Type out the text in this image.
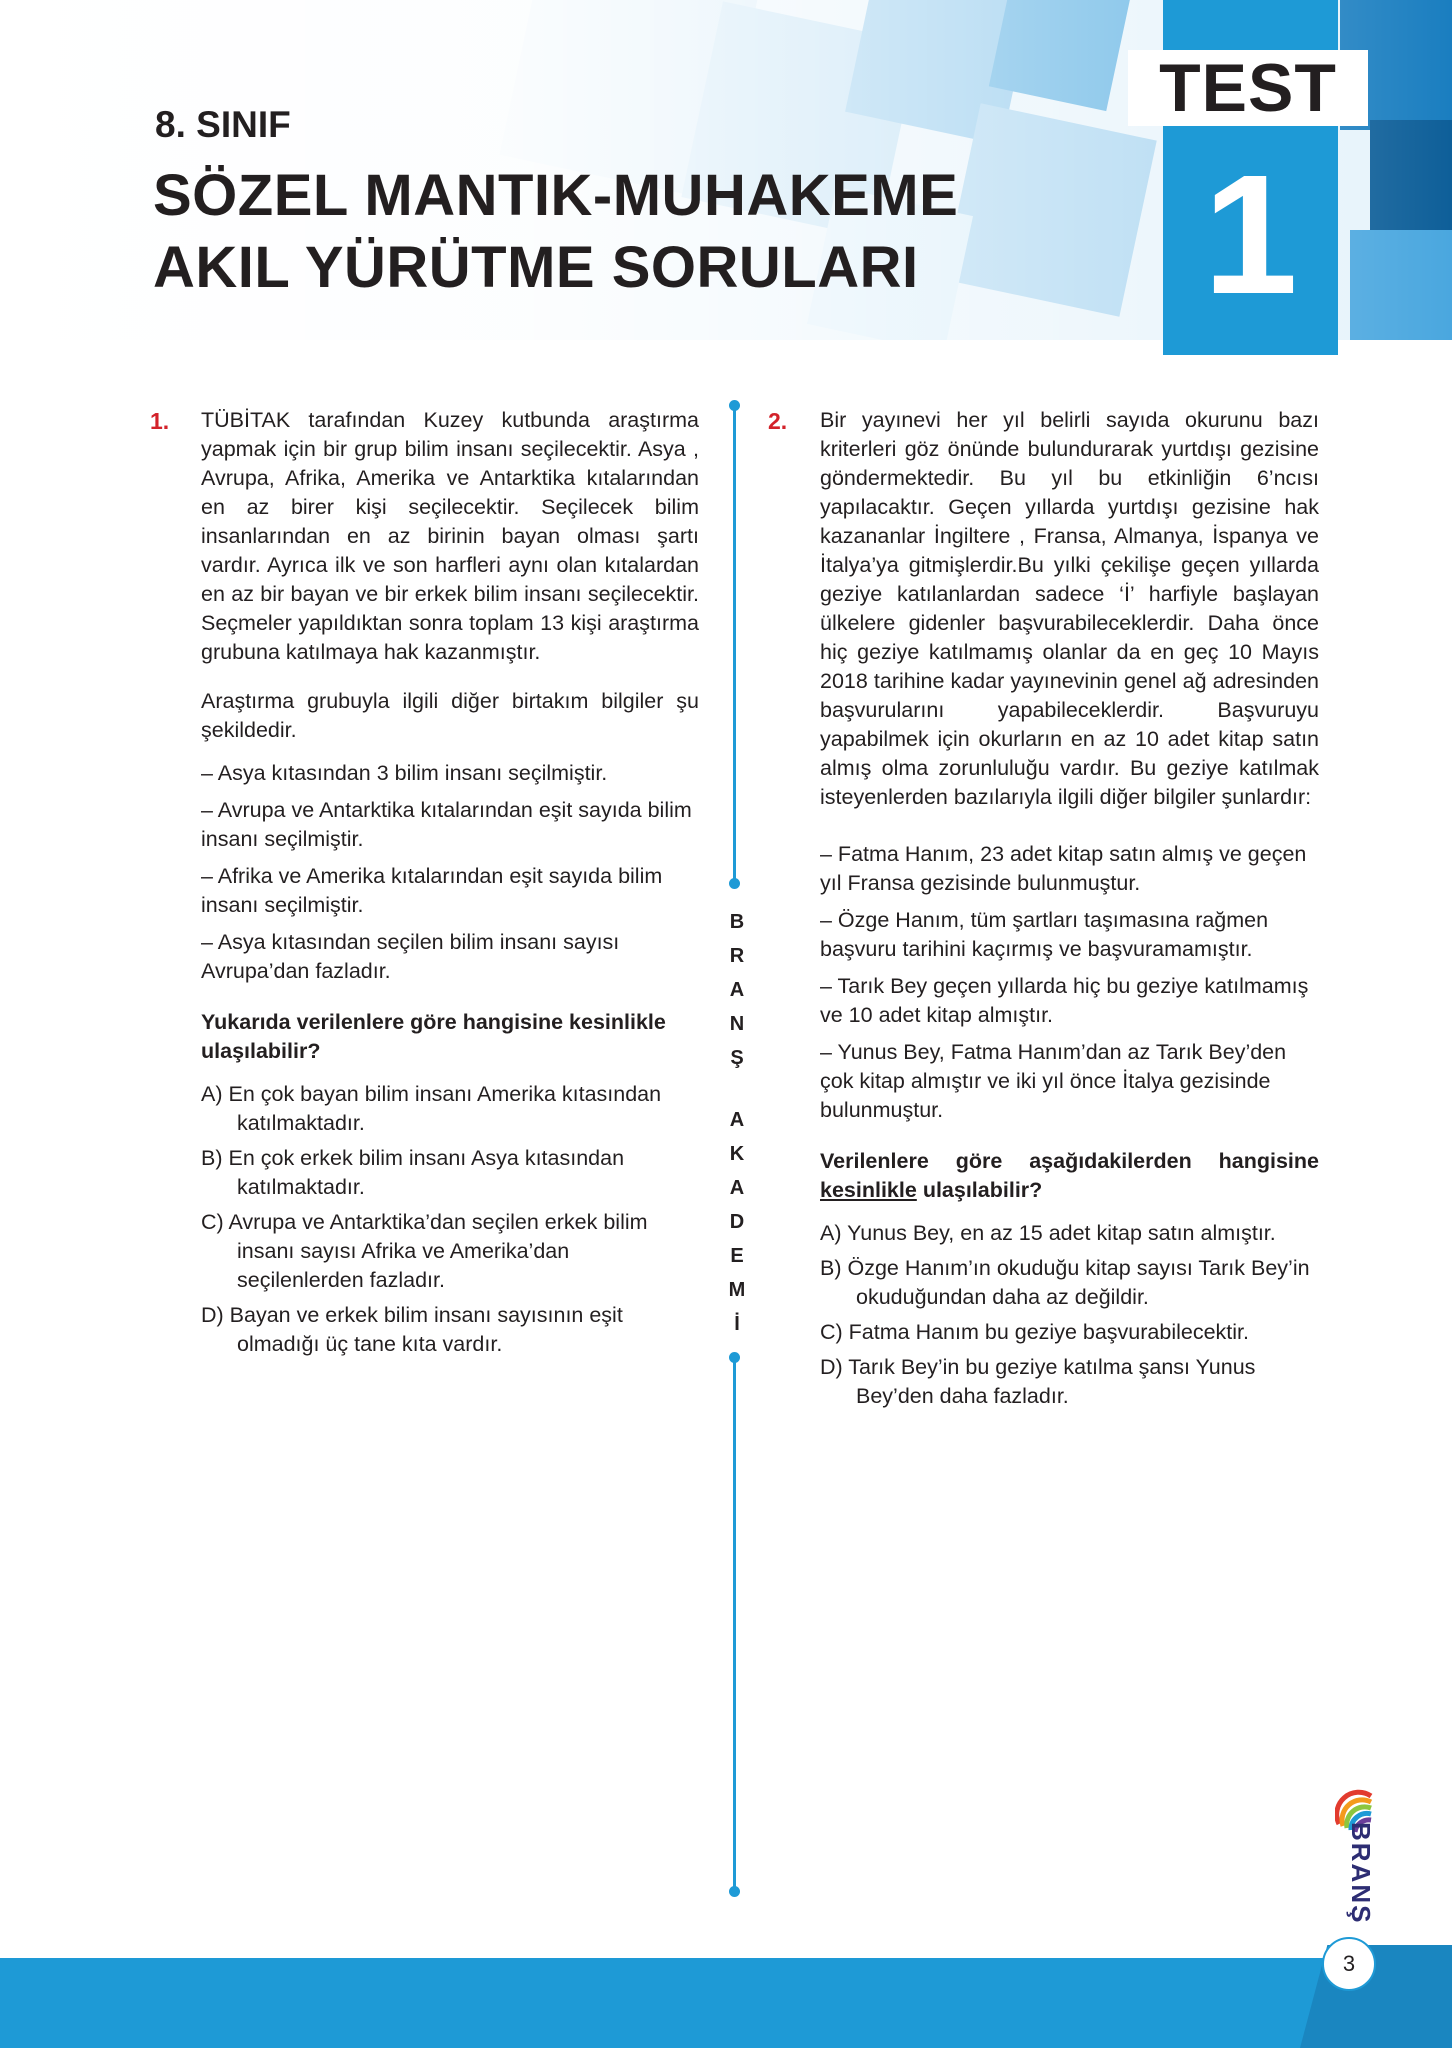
TEST
1
8. SINIF
SÖZEL MANTIK-MUHAKEME
AKIL YÜRÜTME SORULARI
1. TÜBİTAK tarafından Kuzey kutbunda araştırma yapmak için bir grup bilim insanı seçilecektir. Asya , Avrupa, Afrika, Amerika ve Antarktika kıtalarından en az birer kişi seçilecektir. Seçilecek bilim insanlarından en az birinin bayan olması şartı vardır. Ayrıca ilk ve son harfleri aynı olan kıtalardan en az bir bayan ve bir erkek bilim insanı seçilecektir. Seçmeler yapıldıktan sonra toplam 13 kişi araştırma grubuna katılmaya hak kazanmıştır.

Araştırma grubuyla ilgili diğer birtakım bilgiler şu şekildedir.

– Asya kıtasından 3 bilim insanı seçilmiştir.

– Avrupa ve Antarktika kıtalarından eşit sayıda bilim insanı seçilmiştir.

– Afrika ve Amerika kıtalarından eşit sayıda bilim insanı seçilmiştir.

– Asya kıtasından seçilen bilim insanı sayısı Avrupa’dan fazladır.

Yukarıda verilenlere göre hangisine kesinlikle ulaşılabilir?

A) En çok bayan bilim insanı Amerika kıtasından katılmaktadır.

B) En çok erkek bilim insanı Asya kıtasından katılmaktadır.

C) Avrupa ve Antarktika’dan seçilen erkek bilim insanı sayısı Afrika ve Amerika’dan seçilenlerden fazladır.

D) Bayan ve erkek bilim insanı sayısının eşit olmadığı üç tane kıta vardır.

B
R
A
N
Ş
A
K
A
D
E
M
İ
2. Bir yayınevi her yıl belirli sayıda okurunu bazı kriterleri göz önünde bulundurarak yurtdışı gezisine göndermektedir. Bu yıl bu etkinliğin 6’ncısı yapılacaktır. Geçen yıllarda yurtdışı gezisine hak kazananlar İngiltere , Fransa, Almanya, İspanya ve İtalya’ya gitmişlerdir.Bu yılki çekilişe geçen yıllarda geziye katılanlardan sadece ‘İ’ harfiyle başlayan ülkelere gidenler başvurabileceklerdir. Daha önce hiç geziye katılmamış olanlar da en geç 10 Mayıs 2018 tarihine kadar yayınevinin genel ağ adresinden başvurularını yapabileceklerdir. Başvuruyu yapabilmek için okurların en az 10 adet kitap satın almış olma zorunluluğu vardır. Bu geziye katılmak isteyenlerden bazılarıyla ilgili diğer bilgiler şunlardır:

– Fatma Hanım, 23 adet kitap satın almış ve geçen yıl Fransa gezisinde bulunmuştur.

– Özge Hanım, tüm şartları taşımasına rağmen başvuru tarihini kaçırmış ve başvuramamıştır.

– Tarık Bey geçen yıllarda hiç bu geziye katılmamış ve 10 adet kitap almıştır.

– Yunus Bey, Fatma Hanım’dan az Tarık Bey’den çok kitap almıştır ve iki yıl önce İtalya gezisinde bulunmuştur.

Verilenlere göre aşağıdakilerden hangisine kesinlikle ulaşılabilir?

A) Yunus Bey, en az 15 adet kitap satın almıştır.

B) Özge Hanım’ın okuduğu kitap sayısı Tarık Bey’in okuduğundan daha az değildir.

C) Fatma Hanım bu geziye başvurabilecektir.

D) Tarık Bey’in bu geziye katılma şansı Yunus Bey’den daha fazladır.

BRANŞ
3
